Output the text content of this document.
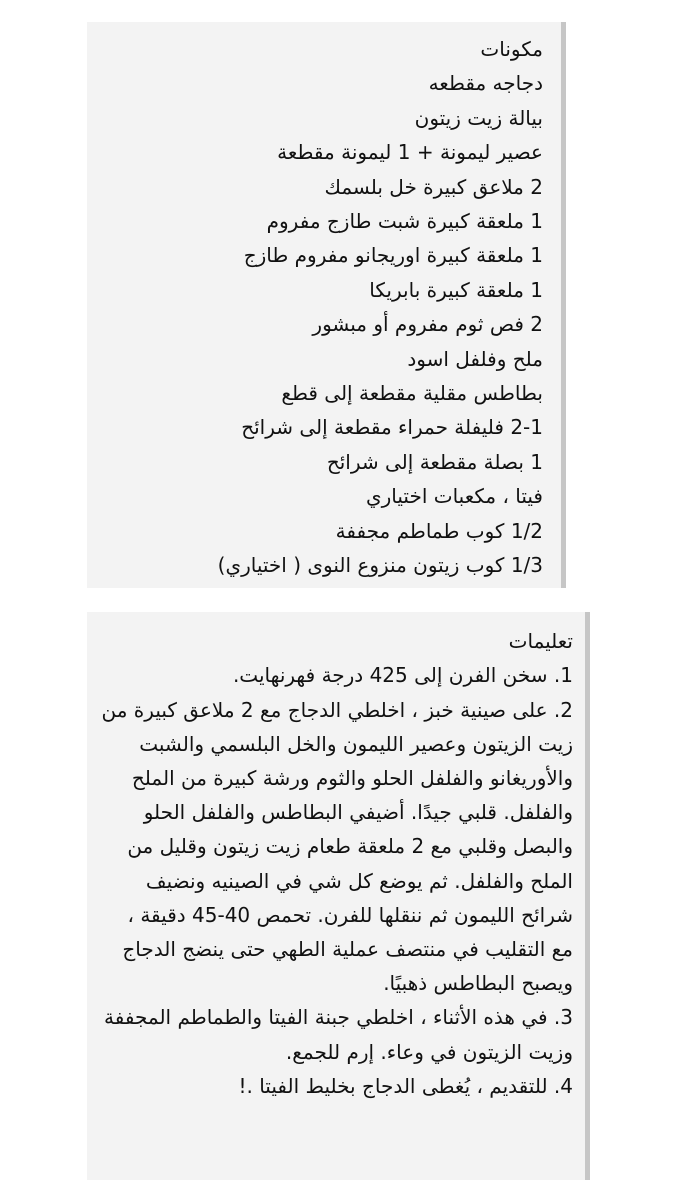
مكونات
دجاجه مقطعه
بيالة زيت زيتون
عصير ليمونة + 1 ليمونة مقطعة
2 ملاعق كبيرة خل بلسمك
1 ملعقة كبيرة شبت طازج مفروم
1 ملعقة كبيرة اوريجانو مفروم طازج
1 ملعقة كبيرة بابريكا
2 فص ثوم مفروم أو مبشور
ملح وفلفل اسود
بطاطس مقلية مقطعة إلى قطع
2-1 فليفلة حمراء مقطعة إلى شرائح
1 بصلة مقطعة إلى شرائح
فيتا ، مكعبات اختياري
1/2 كوب طماطم مجففة
1/3 كوب زيتون منزوع النوى ( اختياري)
تعليمات

1. سخن الفرن إلى 425 درجة فهرنهايت.

2. على صينية خبز ، اخلطي الدجاج مع 2 ملاعق كبيرة من زيت الزيتون وعصير الليمون والخل البلسمي والشبت والأوريغانو والفلفل الحلو والثوم ورشة كبيرة من الملح والفلفل. قلبي جيدًا. أضيفي البطاطس والفلفل الحلو والبصل وقلبي مع 2 ملعقة طعام زيت زيتون وقليل من الملح والفلفل. ثم يوضع كل شي في الصينيه ونضيف شرائح الليمون ثم ننقلها للفرن. تحمص 40-45 دقيقة ، مع التقليب في منتصف عملية الطهي حتى ينضج الدجاج ويصبح البطاطس ذهبيًا.

3. في هذه الأثناء ، اخلطي جبنة الفيتا والطماطم المجففة وزيت الزيتون في وعاء. إرم للجمع.

4. للتقديم ، يُغطى الدجاج بخليط الفيتا .!
